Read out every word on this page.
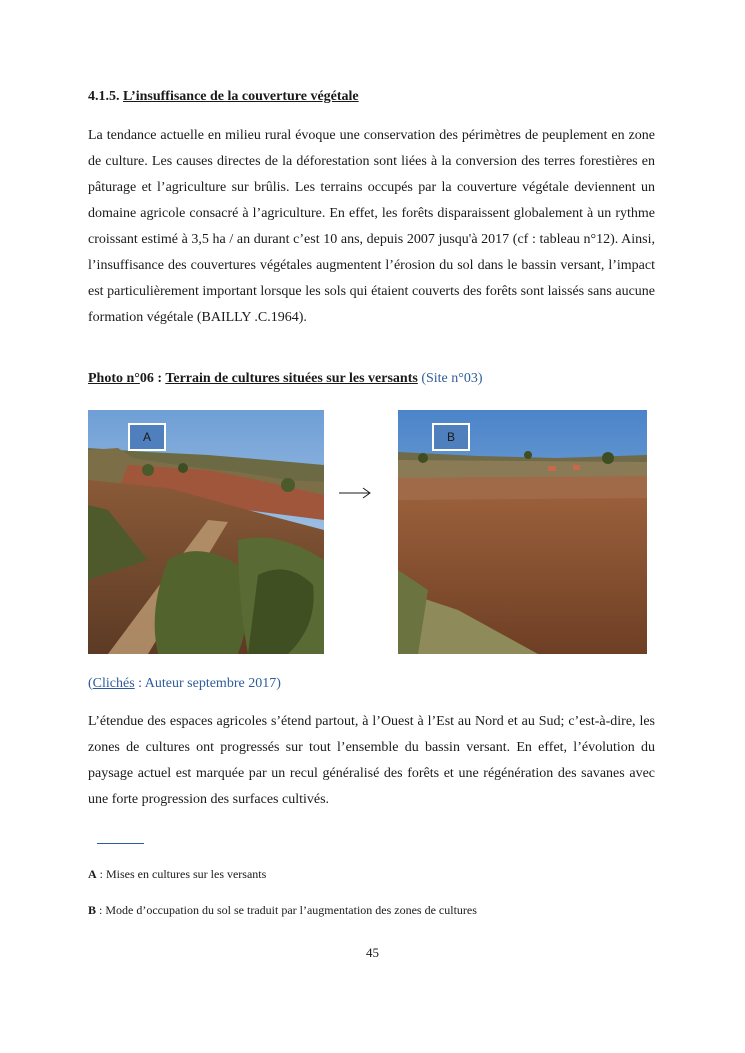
4.1.5. L’insuffisance de la couverture végétale
La tendance actuelle en milieu rural évoque une conservation des périmètres de peuplement en zone de culture. Les causes directes de la déforestation sont liées à la conversion des terres forestières en pâturage et l’agriculture sur brûlis. Les terrains occupés par la couverture végétale deviennent un domaine agricole consacré à l’agriculture. En effet, les forêts disparaissent globalement à un rythme croissant estimé à 3,5 ha / an durant c’est 10 ans, depuis 2007 jusqu'à 2017 (cf : tableau n°12). Ainsi, l’insuffisance des couvertures végétales augmentent l’érosion du sol dans le bassin versant, l’impact est particulièrement important lorsque les sols qui étaient couverts des forêts sont laissés sans aucune formation végétale (BAILLY .C.1964).
Photo n°06 : Terrain de cultures situées sur les versants (Site n°03)
A	B
(Clichés : Auteur septembre 2017)
L’étendue des espaces agricoles s’étend partout, à l’Ouest à l’Est au Nord et au Sud; c’est-à-dire, les zones de cultures ont progressés sur tout l’ensemble du bassin versant. En effet, l’évolution du paysage actuel est marquée par un recul généralisé des forêts et une régénération des savanes avec une forte progression des surfaces cultivés.
A : Mises en cultures sur les versants
B : Mode d’occupation du sol se traduit par l’augmentation des zones de cultures
45
